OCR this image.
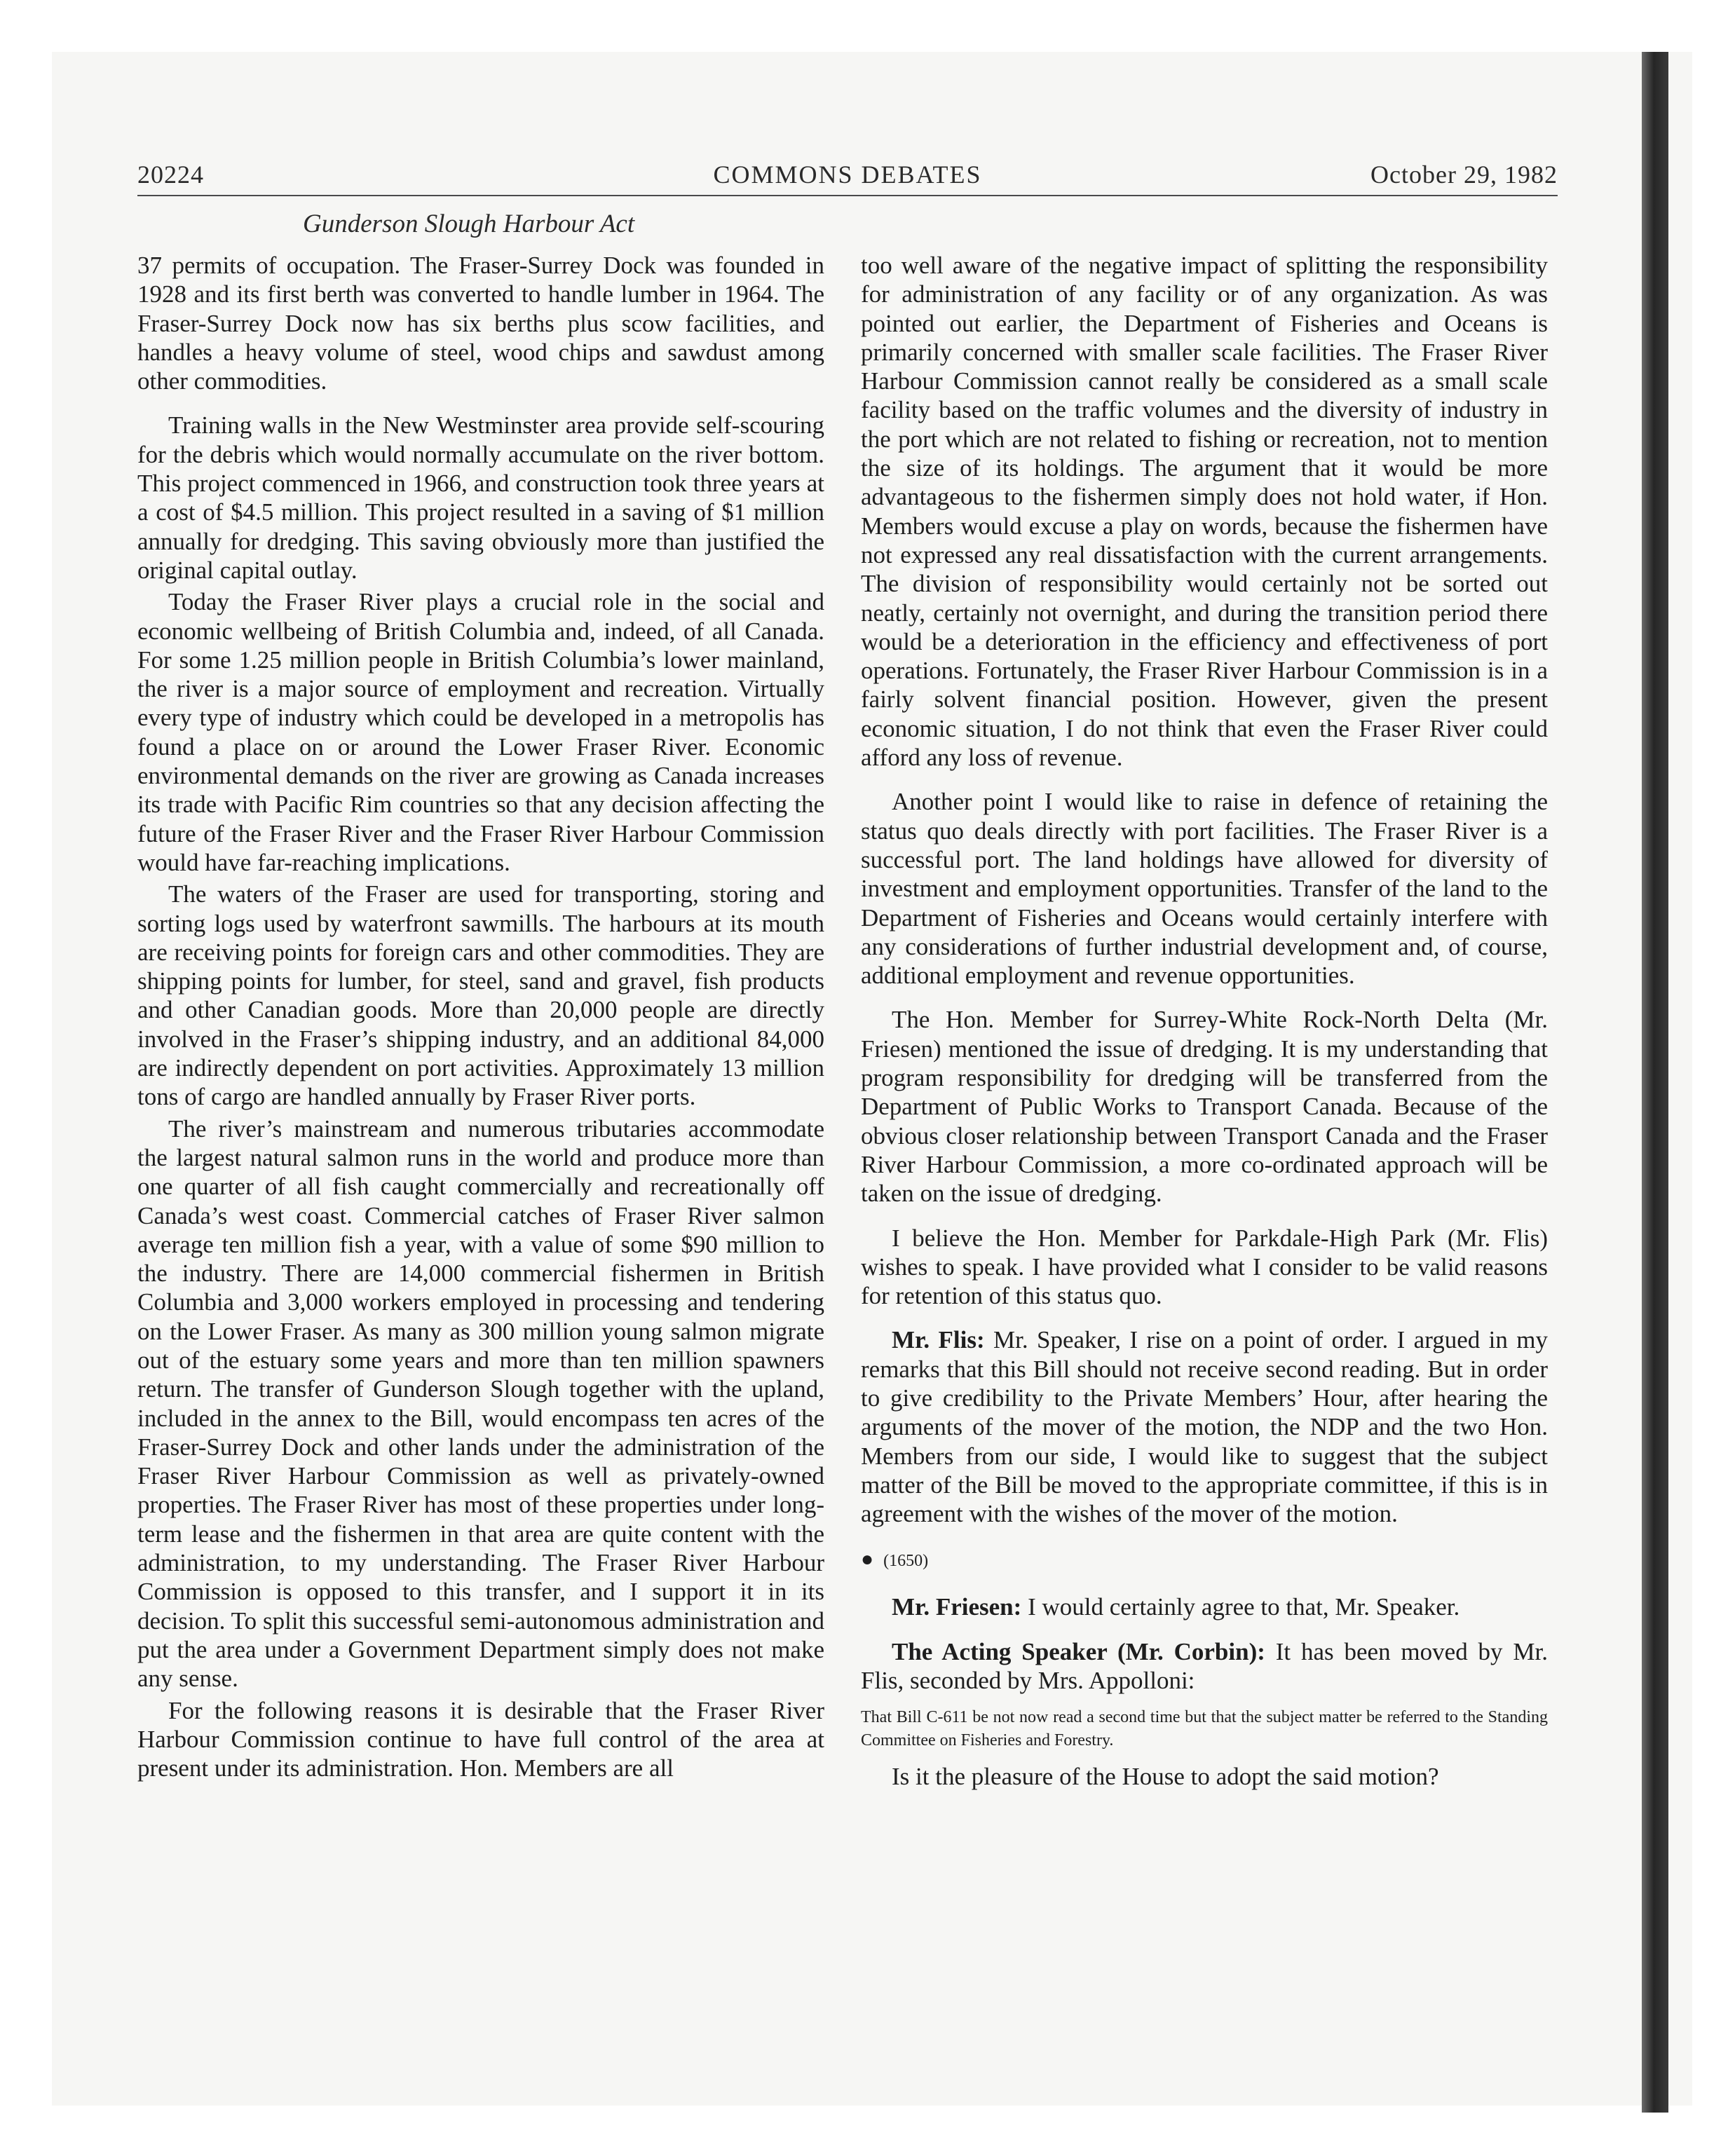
20224	COMMONS DEBATES	October 29, 1982
Gunderson Slough Harbour Act

37 permits of occupation. The Fraser-Surrey Dock was founded in 1928 and its first berth was converted to handle lumber in 1964. The Fraser-Surrey Dock now has six berths plus scow facilities, and handles a heavy volume of steel, wood chips and sawdust among other commodities.

Training walls in the New Westminster area provide self-scouring for the debris which would normally accumulate on the river bottom. This project commenced in 1966, and construction took three years at a cost of $4.5 million. This project resulted in a saving of $1 million annually for dredging. This saving obviously more than justified the original capital outlay.

Today the Fraser River plays a crucial role in the social and economic wellbeing of British Columbia and, indeed, of all Canada. For some 1.25 million people in British Columbia’s lower mainland, the river is a major source of employment and recreation. Virtually every type of industry which could be developed in a metropolis has found a place on or around the Lower Fraser River. Economic environmental demands on the river are growing as Canada increases its trade with Pacific Rim countries so that any decision affecting the future of the Fraser River and the Fraser River Harbour Commission would have far-reaching implications.

The waters of the Fraser are used for transporting, storing and sorting logs used by waterfront sawmills. The harbours at its mouth are receiving points for foreign cars and other commodities. They are shipping points for lumber, for steel, sand and gravel, fish products and other Canadian goods. More than 20,000 people are directly involved in the Fraser’s shipping industry, and an additional 84,000 are indirectly dependent on port activities. Approximately 13 million tons of cargo are handled annually by Fraser River ports.

The river’s mainstream and numerous tributaries accommodate the largest natural salmon runs in the world and produce more than one quarter of all fish caught commercially and recreationally off Canada’s west coast. Commercial catches of Fraser River salmon average ten million fish a year, with a value of some $90 million to the industry. There are 14,000 commercial fishermen in British Columbia and 3,000 workers employed in processing and tendering on the Lower Fraser. As many as 300 million young salmon migrate out of the estuary some years and more than ten million spawners return. The transfer of Gunderson Slough together with the upland, included in the annex to the Bill, would encompass ten acres of the Fraser-Surrey Dock and other lands under the administration of the Fraser River Harbour Commission as well as privately-owned properties. The Fraser River has most of these properties under long-term lease and the fishermen in that area are quite content with the administration, to my understanding. The Fraser River Harbour Commission is opposed to this transfer, and I support it in its decision. To split this successful semi-autonomous administration and put the area under a Government Department simply does not make any sense.

For the following reasons it is desirable that the Fraser River Harbour Commission continue to have full control of the area at present under its administration. Hon. Members are all

too well aware of the negative impact of splitting the responsibility for administration of any facility or of any organization. As was pointed out earlier, the Department of Fisheries and Oceans is primarily concerned with smaller scale facilities. The Fraser River Harbour Commission cannot really be considered as a small scale facility based on the traffic volumes and the diversity of industry in the port which are not related to fishing or recreation, not to mention the size of its holdings. The argument that it would be more advantageous to the fishermen simply does not hold water, if Hon. Members would excuse a play on words, because the fishermen have not expressed any real dissatisfaction with the current arrangements. The division of responsibility would certainly not be sorted out neatly, certainly not overnight, and during the transition period there would be a deterioration in the efficiency and effectiveness of port operations. Fortunately, the Fraser River Harbour Commission is in a fairly solvent financial position. However, given the present economic situation, I do not think that even the Fraser River could afford any loss of revenue.

Another point I would like to raise in defence of retaining the status quo deals directly with port facilities. The Fraser River is a successful port. The land holdings have allowed for diversity of investment and employment opportunities. Transfer of the land to the Department of Fisheries and Oceans would certainly interfere with any considerations of further industrial development and, of course, additional employment and revenue opportunities.

The Hon. Member for Surrey-White Rock-North Delta (Mr. Friesen) mentioned the issue of dredging. It is my understanding that program responsibility for dredging will be transferred from the Department of Public Works to Transport Canada. Because of the obvious closer relationship between Transport Canada and the Fraser River Harbour Commission, a more co-ordinated approach will be taken on the issue of dredging.

I believe the Hon. Member for Parkdale-High Park (Mr. Flis) wishes to speak. I have provided what I consider to be valid reasons for retention of this status quo.

Mr. Flis: Mr. Speaker, I rise on a point of order. I argued in my remarks that this Bill should not receive second reading. But in order to give credibility to the Private Members’ Hour, after hearing the arguments of the mover of the motion, the NDP and the two Hon. Members from our side, I would like to suggest that the subject matter of the Bill be moved to the appropriate committee, if this is in agreement with the wishes of the mover of the motion.

● (1650)

Mr. Friesen: I would certainly agree to that, Mr. Speaker.

The Acting Speaker (Mr. Corbin): It has been moved by Mr. Flis, seconded by Mrs. Appolloni:

That Bill C-611 be not now read a second time but that the subject matter be referred to the Standing Committee on Fisheries and Forestry.

Is it the pleasure of the House to adopt the said motion?
